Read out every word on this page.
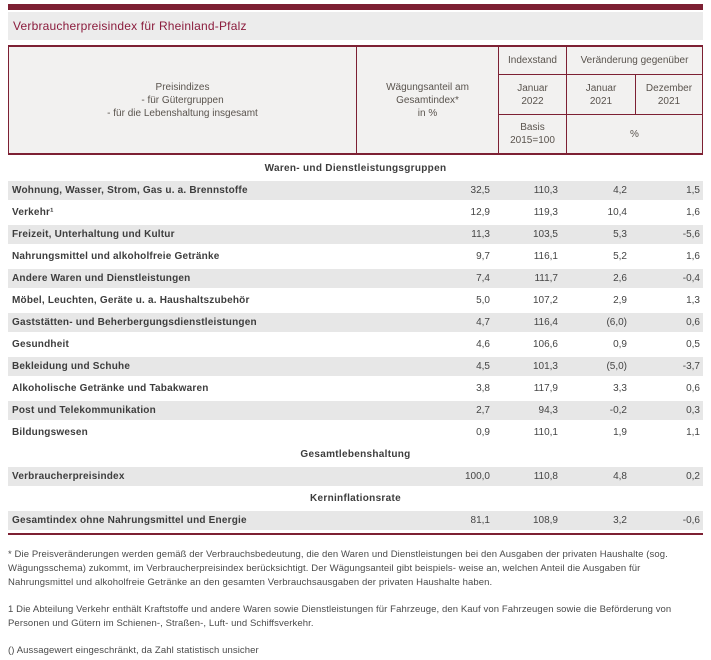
Verbraucherpreisindex für Rheinland-Pfalz
Preisindizes
- für Gütergruppen
- für die Lebenshaltung insgesamt
Wägungsanteil am
Gesamtindex*
in %
Indexstand	Veränderung gegenüber
Januar
2022
Januar
2021
Dezember
2021
Basis
2015=100
%
Waren- und Dienstleistungsgruppen
Wohnung, Wasser, Strom, Gas u. a. Brennstoffe	32,5	110,3	4,2	1,5
Verkehr¹	12,9	119,3	10,4	1,6
Freizeit, Unterhaltung und Kultur	11,3	103,5	5,3	-5,6
Nahrungsmittel und alkoholfreie Getränke	9,7	116,1	5,2	1,6
Andere Waren und Dienstleistungen	7,4	111,7	2,6	-0,4
Möbel, Leuchten, Geräte u. a. Haushaltszubehör	5,0	107,2	2,9	1,3
Gaststätten- und Beherbergungsdienstleistungen	4,7	116,4	(6,0)	0,6
Gesundheit	4,6	106,6	0,9	0,5
Bekleidung und Schuhe	4,5	101,3	(5,0)	-3,7
Alkoholische Getränke und Tabakwaren	3,8	117,9	3,3	0,6
Post und Telekommunikation	2,7	94,3	-0,2	0,3
Bildungswesen	0,9	110,1	1,9	1,1
Gesamtlebenshaltung
Verbraucherpreisindex	100,0	110,8	4,8	0,2
Kerninflationsrate
Gesamtindex ohne Nahrungsmittel und Energie	81,1	108,9	3,2	-0,6

* Die Preisveränderungen werden gemäß der Verbrauchsbedeutung, die den Waren und Dienstleistungen bei den Ausgaben der privaten Haushalte (sog. Wägungsschema) zukommt, im Verbraucherpreisindex berücksichtigt. Der Wägungsanteil gibt beispiels- weise an, welchen Anteil die Ausgaben für Nahrungsmittel und alkoholfreie Getränke an den gesamten Verbrauchsausgaben der privaten Haushalte haben.

1 Die Abteilung Verkehr enthält Kraftstoffe und andere Waren sowie Dienstleistungen für Fahrzeuge, den Kauf von Fahrzeugen sowie die Beförderung von Personen und Gütern im Schienen-, Straßen-, Luft- und Schiffsverkehr.

() Aussagewert eingeschränkt, da Zahl statistisch unsicher
